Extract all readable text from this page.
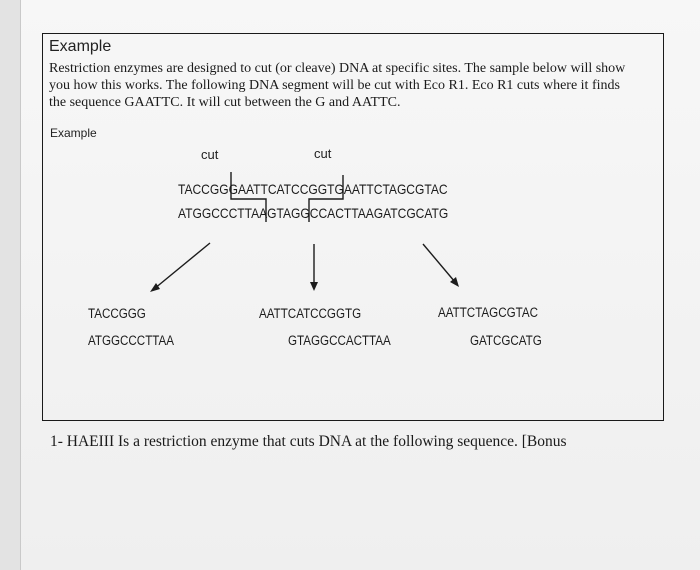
Example

Restriction enzymes are designed to cut (or cleave) DNA at specific sites. The sample below will show

you how this works. The following DNA segment will be cut with Eco R1. Eco R1 cuts where it finds

the sequence GAATTC. It will cut between the G and AATTC.

Example
cut	cut
TACCGGGAATTCATCCGGTGAATTCTAGCGTAC
ATGGCCCTTAAGTAGGCCACTTAAGATCGCATG
TACCGGG
ATGGCCCTTAA
AATTCATCCGGTG
GTAGGCCACTTAA
AATTCTAGCGTAC
GATCGCATG
1- HAEIII Is a restriction enzyme that cuts DNA at the following sequence. [Bonus
